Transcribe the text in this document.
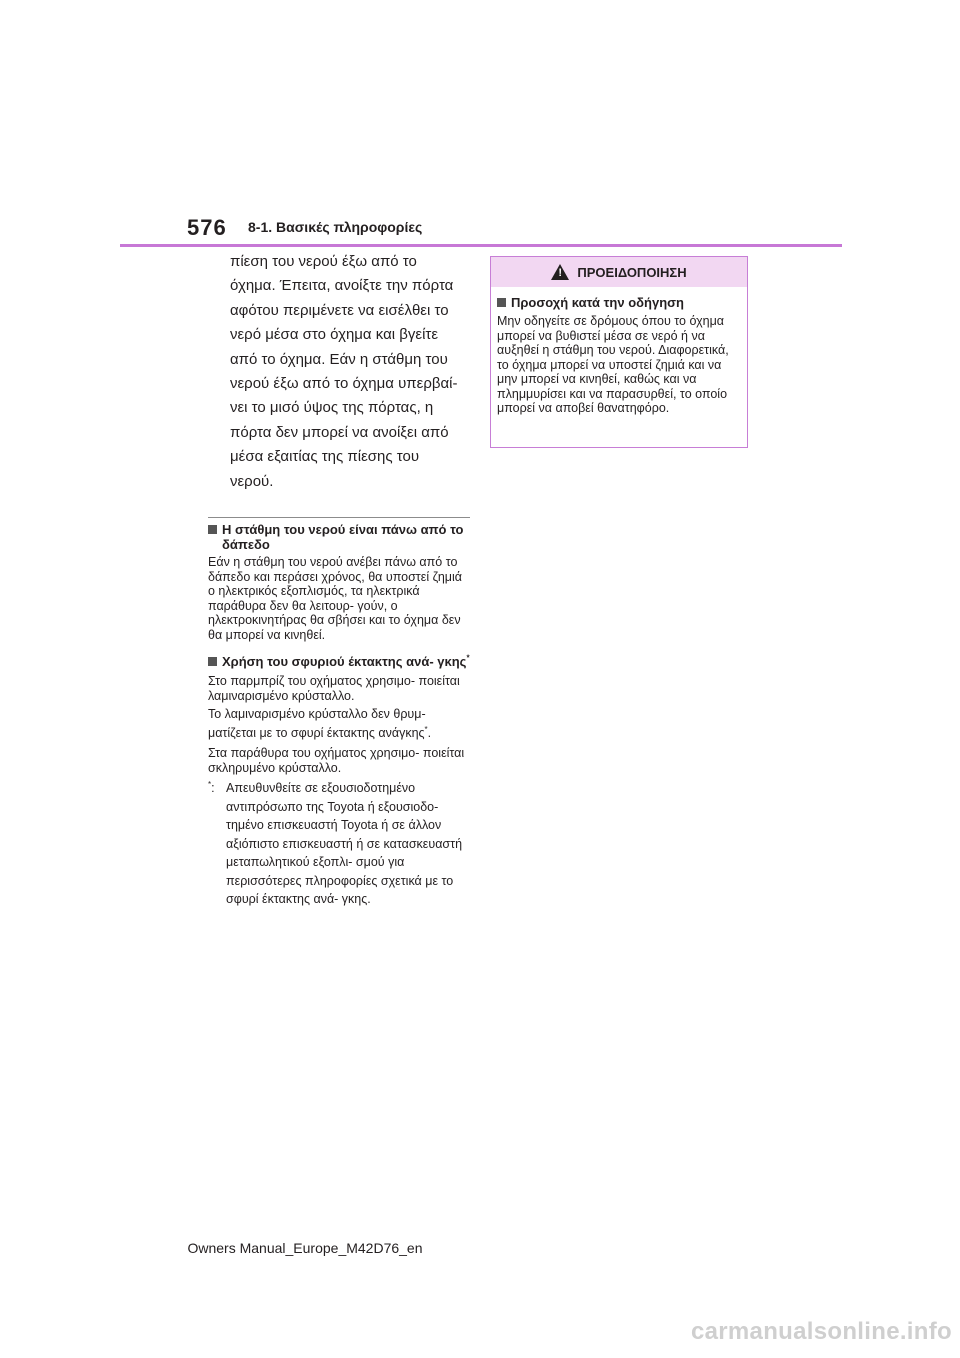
576 8-1. Βασικές πληροφορίες

πίεση του νερού έξω από το όχημα. Έπειτα, ανοίξτε την πόρτα αφότου περιμένετε να εισέλθει το νερό μέσα στο όχημα και βγείτε από το όχημα. Εάν η στάθμη του νερού έξω από το όχημα υπερβαί- νει το μισό ύψος της πόρτας, η πόρτα δεν μπορεί να ανοίξει από μέσα εξαιτίας της πίεσης του νερού.

Η στάθμη του νερού είναι πάνω από το δάπεδο

Εάν η στάθμη του νερού ανέβει πάνω από το δάπεδο και περάσει χρόνος, θα υποστεί ζημιά ο ηλεκτρικός εξοπλισμός, τα ηλεκτρικά παράθυρα δεν θα λειτουρ- γούν, ο ηλεκτροκινητήρας θα σβήσει και το όχημα δεν θα μπορεί να κινηθεί.

Χρήση του σφυριού έκτακτης ανά- γκης*

Στο παρμπρίζ του οχήματος χρησιμο- ποιείται λαμιναρισμένο κρύσταλλο.

Το λαμιναρισμένο κρύσταλλο δεν θρυμ- ματίζεται με το σφυρί έκτακτης ανάγκης*.

Στα παράθυρα του οχήματος χρησιμο- ποιείται σκληρυμένο κρύσταλλο.

*: Απευθυνθείτε σε εξουσιοδοτημένο αντιπρόσωπο της Toyota ή εξουσιοδο- τημένο επισκευαστή Toyota ή σε άλλον αξιόπιστο επισκευαστή ή σε κατασκευαστή μεταπωλητικού εξοπλι- σμού για περισσότερες πληροφορίες σχετικά με το σφυρί έκτακτης ανά- γκης.
! ΠΡΟΕΙΔΟΠΟΙΗΣΗ
Προσοχή κατά την οδήγηση

Μην οδηγείτε σε δρόμους όπου το όχημα μπορεί να βυθιστεί μέσα σε νερό ή να αυξηθεί η στάθμη του νερού. Διαφορετικά, το όχημα μπορεί να υποστεί ζημιά και να μην μπορεί να κινηθεί, καθώς και να πλημμυρίσει και να παρασυρθεί, το οποίο μπορεί να αποβεί θανατηφόρο.

Owners Manual_Europe_M42D76_en
carmanualsonline.info
